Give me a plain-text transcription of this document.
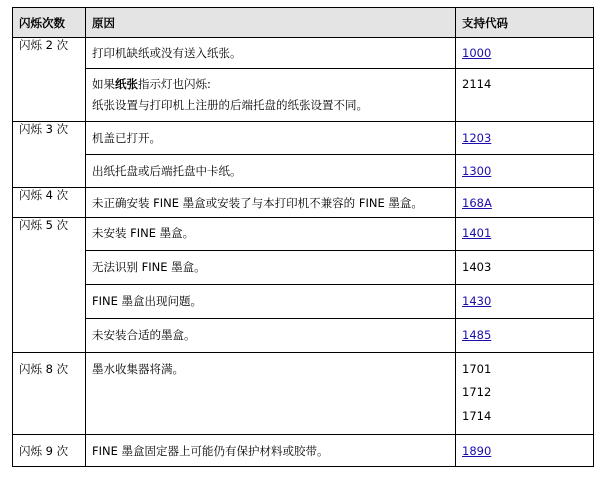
闪烁次数	原因	支持代码
闪烁 2 次	打印机缺纸或没有送入纸张。	1000

	如果纸张指示灯也闪烁:
纸张设置与打印机上注册的后端托盘的纸张设置不同。	2114

闪烁 3 次	机盖已打开。	1203

	出纸托盘或后端托盘中卡纸。	1300

闪烁 4 次	未正确安装 FINE 墨盒或安装了与本打印机不兼容的 FINE 墨盒。	168A

闪烁 5 次	未安装 FINE 墨盒。	1401

	无法识别 FINE 墨盒。	1403

	FINE 墨盒出现问题。	1430

	未安装合适的墨盒。	1485

闪烁 8 次	墨水收集器将满。	1701
1712
1714

闪烁 9 次	FINE 墨盒固定器上可能仍有保护材料或胶带。	1890
